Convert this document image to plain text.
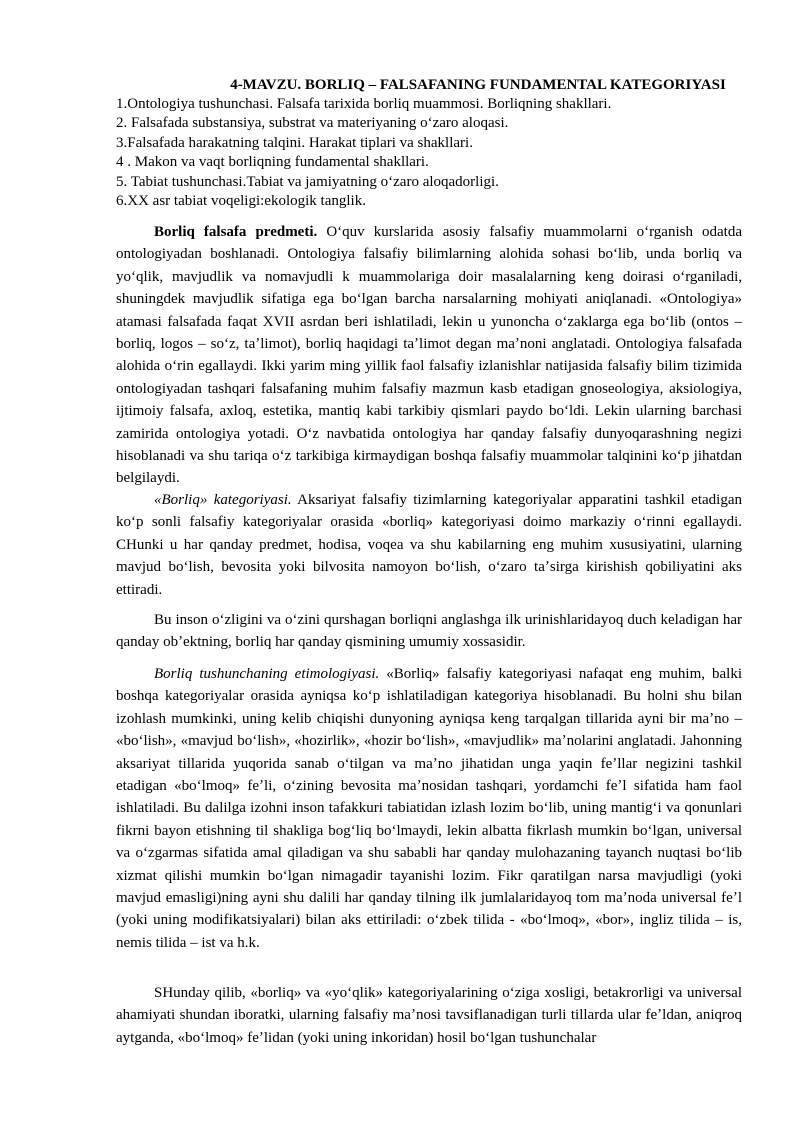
4-MAVZU. BORLIQ – FALSAFANING FUNDAMENTAL KATEGORIYASI
1.Ontologiya tushunchasi. Falsafa tarixida borliq muammosi. Borliqning shakllari.
2. Falsafada substansiya, substrat va materiyaning oʻzaro aloqasi.
3.Falsafada harakatning talqini. Harakat tiplari va shakllari.
4 . Makon va vaqt borliqning fundamental shakllari.
5. Tabiat tushunchasi.Tabiat va jamiyatning oʻzaro aloqadorligi.
6.XX asr tabiat voqeligi:ekologik tanglik.

Borliq falsafa predmeti. Oʻquv kurslarida asosiy falsafiy muammolarni oʻrganish odatda ontologiyadan boshlanadi. Ontologiya falsafiy bilimlarning alohida sohasi boʻlib, unda borliq va yoʻqlik, mavjudlik va nomavjudli k muammolariga doir masalalarning keng doirasi oʻrganiladi, shuningdek mavjudlik sifatiga ega boʻlgan barcha narsalarning mohiyati aniqlanadi. «Ontologiya» atamasi falsafada faqat XVII asrdan beri ishlatiladi, lekin u yunoncha oʻzaklarga ega boʻlib (ontos – borliq, logos – soʻz, taʼlimot), borliq haqidagi taʼlimot degan maʼnoni anglatadi. Ontologiya falsafada alohida oʻrin egallaydi. Ikki yarim ming yillik faol falsafiy izlanishlar natijasida falsafiy bilim tizimida ontologiyadan tashqari falsafaning muhim falsafiy mazmun kasb etadigan gnoseologiya, aksiologiya, ijtimoiy falsafa, axloq, estetika, mantiq kabi tarkibiy qismlari paydo boʻldi. Lekin ularning barchasi zamirida ontologiya yotadi. Oʻz navbatida ontologiya har qanday falsafiy dunyoqarashning negizi hisoblanadi va shu tariqa oʻz tarkibiga kirmaydigan boshqa falsafiy muammolar talqinini koʻp jihatdan belgilaydi.

«Borliq» kategoriyasi. Aksariyat falsafiy tizimlarning kategoriyalar apparatini tashkil etadigan koʻp sonli falsafiy kategoriyalar orasida «borliq» kategoriyasi doimo markaziy oʻrinni egallaydi. CHunki u har qanday predmet, hodisa, voqea va shu kabilarning eng muhim xususiyatini, ularning mavjud boʻlish, bevosita yoki bilvosita namoyon boʻlish, oʻzaro taʼsirga kirishish qobiliyatini aks ettiradi.

Bu inson oʻzligini va oʻzini qurshagan borliqni anglashga ilk urinishlaridayoq duch keladigan har qanday obʼektning, borliq har qanday qismining umumiy xossasidir.

Borliq tushunchaning etimologiyasi. «Borliq» falsafiy kategoriyasi nafaqat eng muhim, balki boshqa kategoriyalar orasida ayniqsa koʻp ishlatiladigan kategoriya hisoblanadi. Bu holni shu bilan izohlash mumkinki, uning kelib chiqishi dunyoning ayniqsa keng tarqalgan tillarida ayni bir maʼno – «boʻlish», «mavjud boʻlish», «hozirlik», «hozir boʻlish», «mavjudlik» maʼnolarini anglatadi. Jahonning aksariyat tillarida yuqorida sanab oʻtilgan va maʼno jihatidan unga yaqin feʼllar negizini tashkil etadigan «boʻlmoq» feʼli, oʻzining bevosita maʼnosidan tashqari, yordamchi feʼl sifatida ham faol ishlatiladi. Bu dalilga izohni inson tafakkuri tabiatidan izlash lozim boʻlib, uning mantigʻi va qonunlari fikrni bayon etishning til shakliga bogʻliq boʻlmaydi, lekin albatta fikrlash mumkin boʻlgan, universal va oʻzgarmas sifatida amal qiladigan va shu sababli har qanday mulohazaning tayanch nuqtasi boʻlib xizmat qilishi mumkin boʻlgan nimagadir tayanishi lozim. Fikr qaratilgan narsa mavjudligi (yoki mavjud emasligi)ning ayni shu dalili har qanday tilning ilk jumlalaridayoq tom maʼnoda universal feʼl (yoki uning modifikatsiyalari) bilan aks ettiriladi: oʻzbek tilida - «boʻlmoq», «bor», ingliz tilida – is, nemis tilida – ist va h.k.

SHunday qilib, «borliq» va «yoʻqlik» kategoriyalarining oʻziga xosligi, betakrorligi va universal ahamiyati shundan iboratki, ularning falsafiy maʼnosi tavsiflanadigan turli tillarda ular feʼldan, aniqroq aytganda, «boʻlmoq» feʼlidan (yoki uning inkoridan) hosil boʻlgan tushunchalar
